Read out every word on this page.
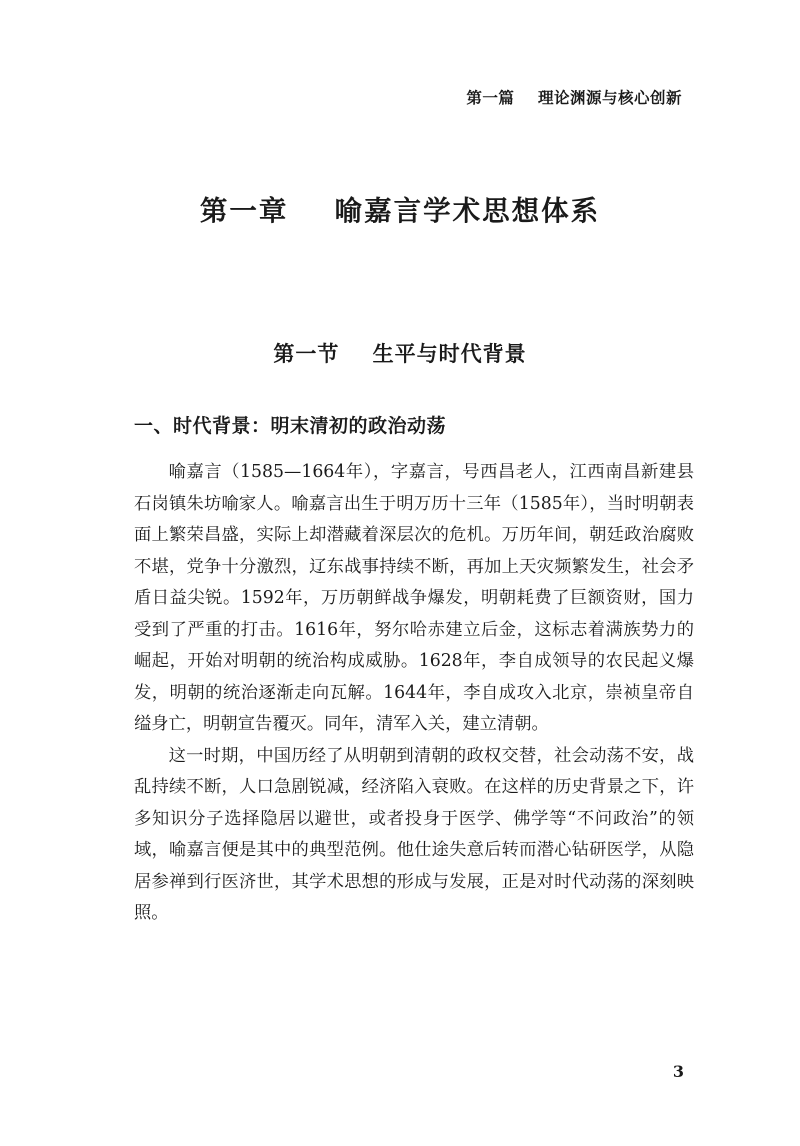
第一篇    理论渊源与核心创新
第一章    喻嘉言学术思想体系
第一节    生平与时代背景
一、时代背景：明末清初的政治动荡

喻嘉言（1585—1664年），字嘉言，号西昌老人，江西南昌新建县石岗镇朱坊喻家人。喻嘉言出生于明万历十三年（1585年），当时明朝表面上繁荣昌盛，实际上却潜藏着深层次的危机。万历年间，朝廷政治腐败不堪，党争十分激烈，辽东战事持续不断，再加上天灾频繁发生，社会矛盾日益尖锐。1592年，万历朝鲜战争爆发，明朝耗费了巨额资财，国力受到了严重的打击。1616年，努尔哈赤建立后金，这标志着满族势力的崛起，开始对明朝的统治构成威胁。1628年，李自成领导的农民起义爆发，明朝的统治逐渐走向瓦解。1644年，李自成攻入北京，崇祯皇帝自缢身亡，明朝宣告覆灭。同年，清军入关，建立清朝。

这一时期，中国历经了从明朝到清朝的政权交替，社会动荡不安，战乱持续不断，人口急剧锐减，经济陷入衰败。在这样的历史背景之下，许多知识分子选择隐居以避世，或者投身于医学、佛学等“不问政治”的领域，喻嘉言便是其中的典型范例。他仕途失意后转而潜心钻研医学，从隐居参禅到行医济世，其学术思想的形成与发展，正是对时代动荡的深刻映照。

3
